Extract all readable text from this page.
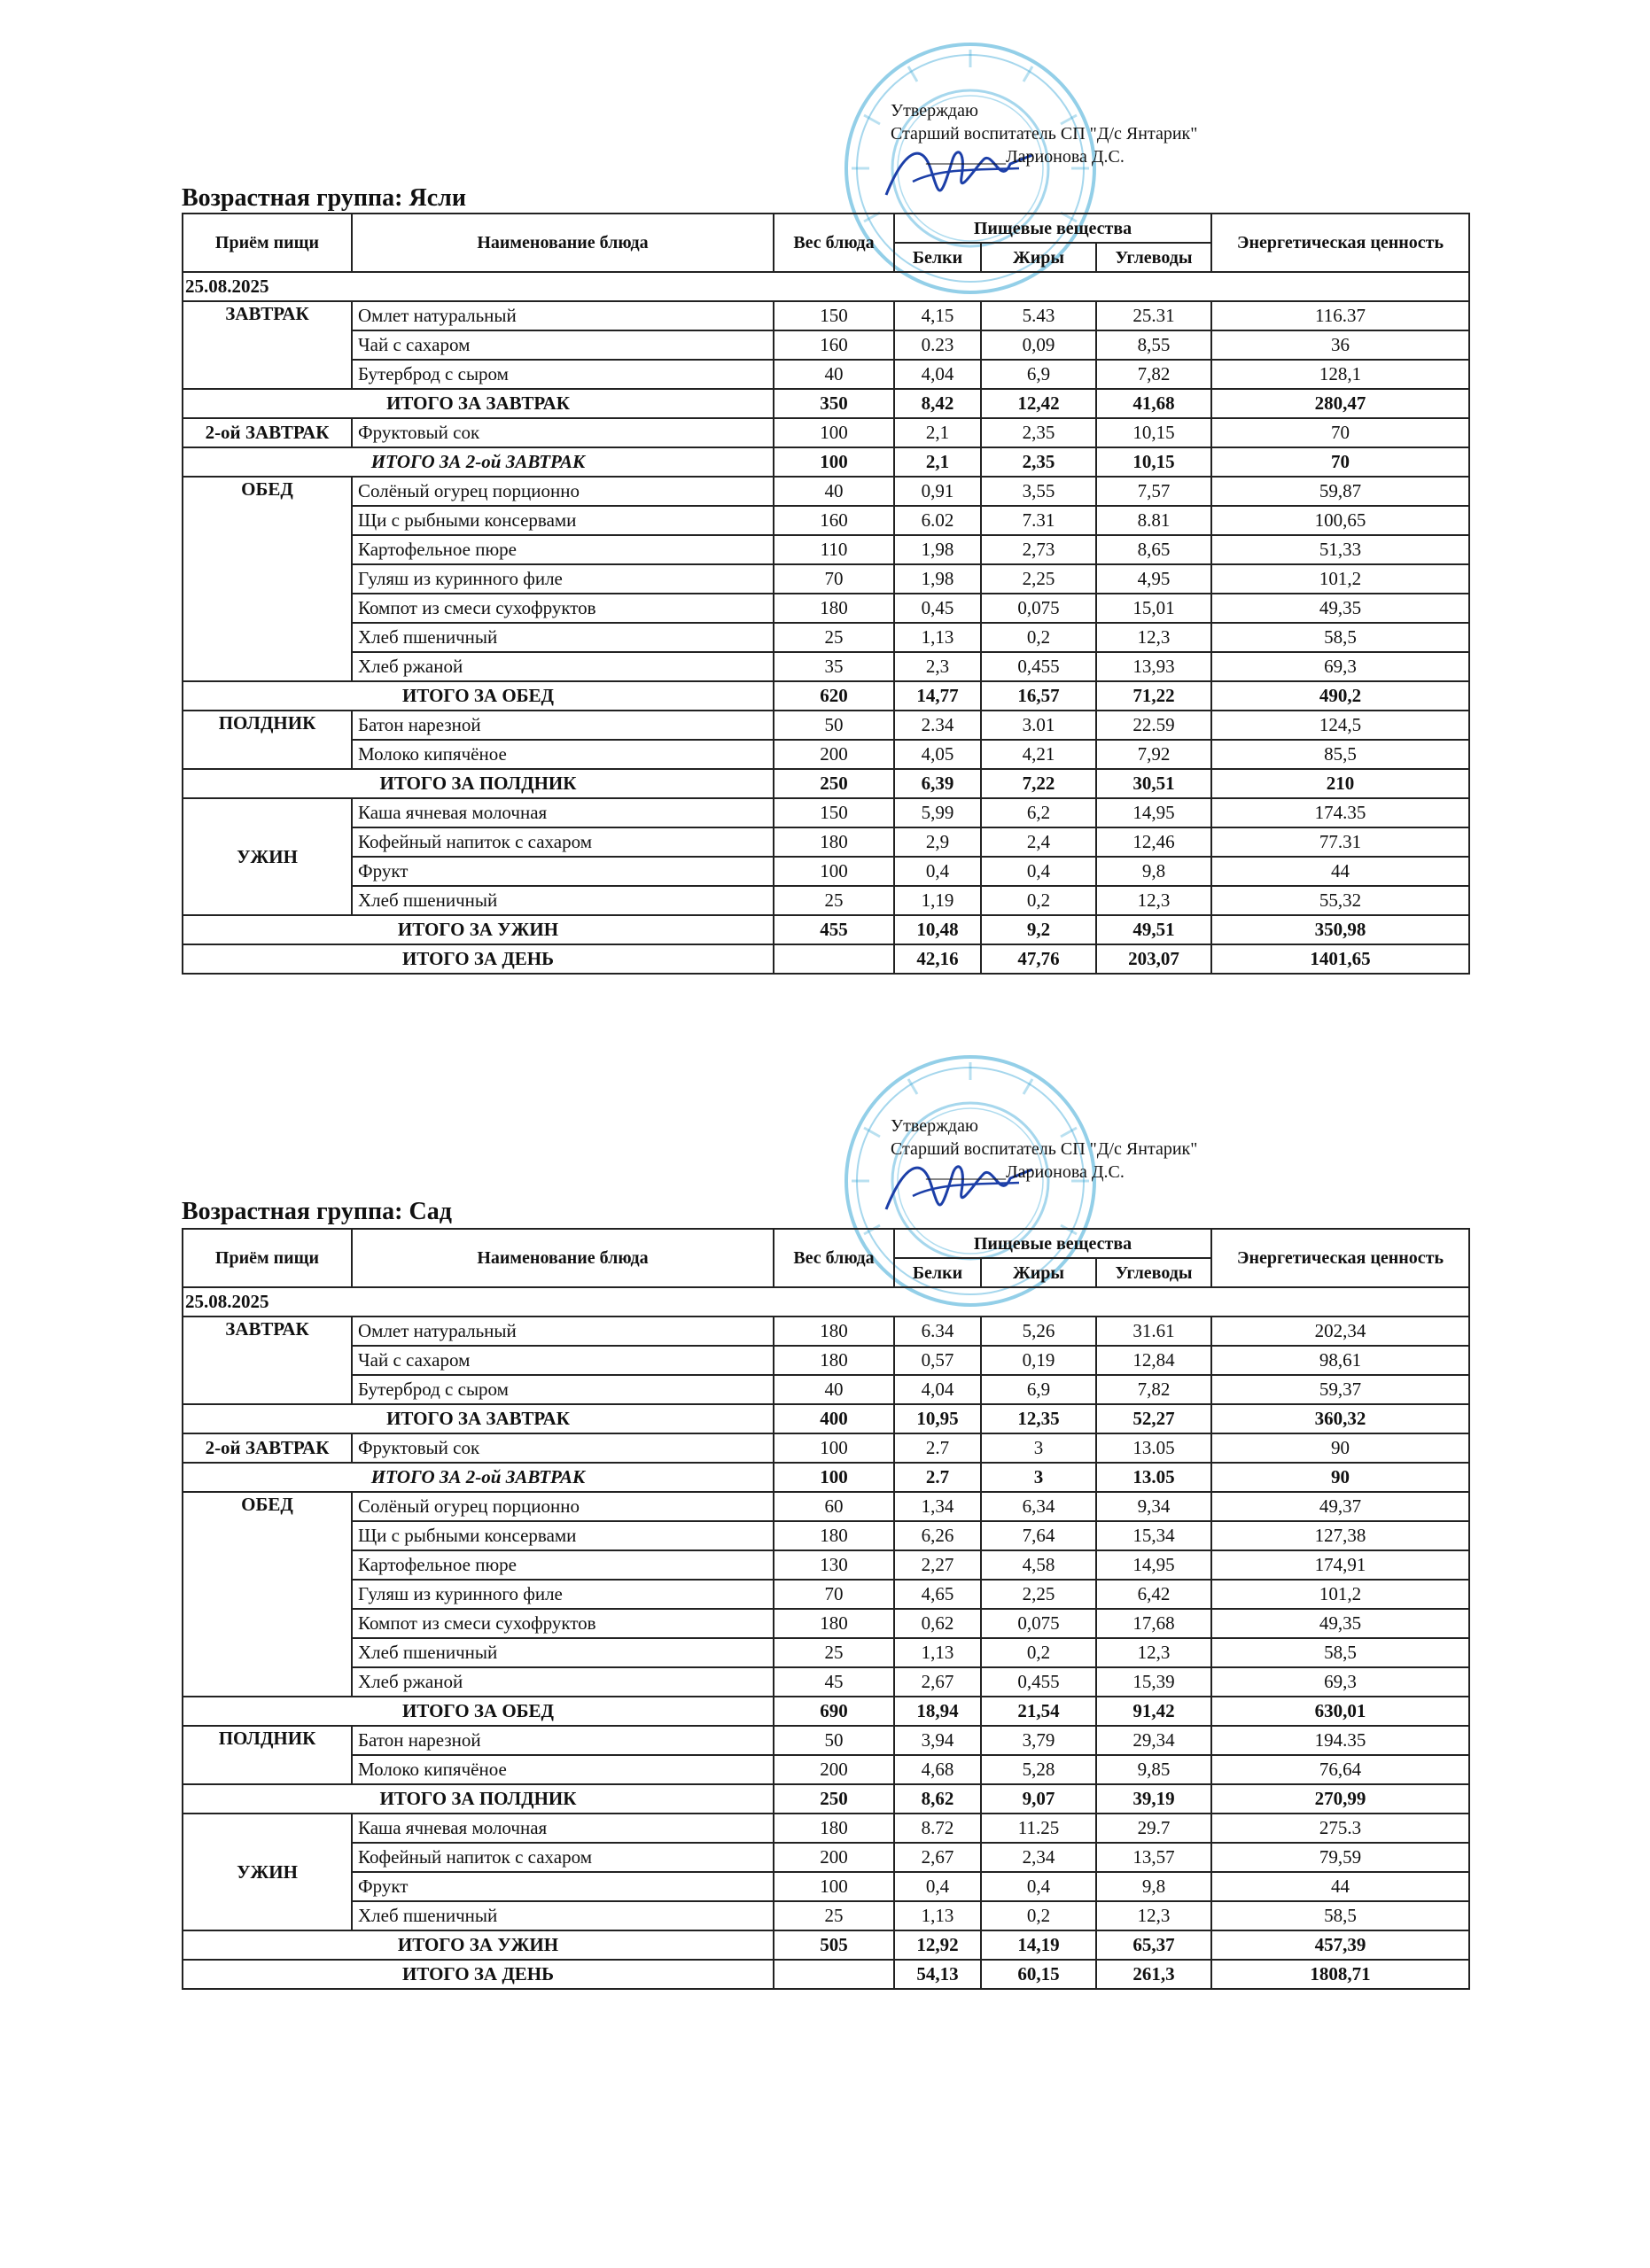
Утверждаю
Старший воспитатель СП "Д/с Янтарик"
_________Ларионова Д.С.
Возрастная группа: Ясли
Приём пищи	Наименование блюда	Вес блюда	Пищевые вещества			Энергетическая ценность
			Белки	Жиры	Углеводы	
25.08.2025						
ЗАВТРАК	Омлет натуральный	150	4,15	5.43	25.31	116.37
	Чай с сахаром	160	0.23	0,09	8,55	36
	Бутерброд с сыром	40	4,04	6,9	7,82	128,1
ИТОГО ЗА ЗАВТРАК		350	8,42	12,42	41,68	280,47
2-ой ЗАВТРАК	Фруктовый сок	100	2,1	2,35	10,15	70
ИТОГО ЗА 2-ой ЗАВТРАК		100	2,1	2,35	10,15	70
ОБЕД	Солёный огурец порционно	40	0,91	3,55	7,57	59,87
	Щи с рыбными консервами	160	6.02	7.31	8.81	100,65
	Картофельное пюре	110	1,98	2,73	8,65	51,33
	Гуляш из куринного филе	70	1,98	2,25	4,95	101,2
	Компот из смеси сухофруктов	180	0,45	0,075	15,01	49,35
	Хлеб пшеничный	25	1,13	0,2	12,3	58,5
	Хлеб ржаной	35	2,3	0,455	13,93	69,3
ИТОГО ЗА ОБЕД		620	14,77	16,57	71,22	490,2
ПОЛДНИК	Батон нарезной	50	2.34	3.01	22.59	124,5
	Молоко кипячёное	200	4,05	4,21	7,92	85,5
ИТОГО ЗА ПОЛДНИК		250	6,39	7,22	30,51	210
УЖИН	Каша ячневая молочная	150	5,99	6,2	14,95	174.35
	Кофейный напиток с сахаром	180	2,9	2,4	12,46	77.31
	Фрукт	100	0,4	0,4	9,8	44
	Хлеб пшеничный	25	1,19	0,2	12,3	55,32
ИТОГО ЗА УЖИН		455	10,48	9,2	49,51	350,98
ИТОГО ЗА ДЕНЬ			42,16	47,76	203,07	1401,65
Утверждаю
Старший воспитатель СП "Д/с Янтарик"
_________Ларионова Д.С.
Возрастная группа: Сад
Приём пищи	Наименование блюда	Вес блюда	Пищевые вещества			Энергетическая ценность
			Белки	Жиры	Углеводы	
25.08.2025						
ЗАВТРАК	Омлет натуральный	180	6.34	5,26	31.61	202,34
	Чай с сахаром	180	0,57	0,19	12,84	98,61
	Бутерброд с сыром	40	4,04	6,9	7,82	59,37
ИТОГО ЗА ЗАВТРАК		400	10,95	12,35	52,27	360,32
2-ой ЗАВТРАК	Фруктовый сок	100	2.7	3	13.05	90
ИТОГО ЗА 2-ой ЗАВТРАК		100	2.7	3	13.05	90
ОБЕД	Солёный огурец порционно	60	1,34	6,34	9,34	49,37
	Щи с рыбными консервами	180	6,26	7,64	15,34	127,38
	Картофельное пюре	130	2,27	4,58	14,95	174,91
	Гуляш из куринного филе	70	4,65	2,25	6,42	101,2
	Компот из смеси сухофруктов	180	0,62	0,075	17,68	49,35
	Хлеб пшеничный	25	1,13	0,2	12,3	58,5
	Хлеб ржаной	45	2,67	0,455	15,39	69,3
ИТОГО ЗА ОБЕД		690	18,94	21,54	91,42	630,01
ПОЛДНИК	Батон нарезной	50	3,94	3,79	29,34	194.35
	Молоко кипячёное	200	4,68	5,28	9,85	76,64
ИТОГО ЗА ПОЛДНИК		250	8,62	9,07	39,19	270,99
УЖИН	Каша ячневая молочная	180	8.72	11.25	29.7	275.3
	Кофейный напиток с сахаром	200	2,67	2,34	13,57	79,59
	Фрукт	100	0,4	0,4	9,8	44
	Хлеб пшеничный	25	1,13	0,2	12,3	58,5
ИТОГО ЗА УЖИН		505	12,92	14,19	65,37	457,39
ИТОГО ЗА ДЕНЬ			54,13	60,15	261,3	1808,71
